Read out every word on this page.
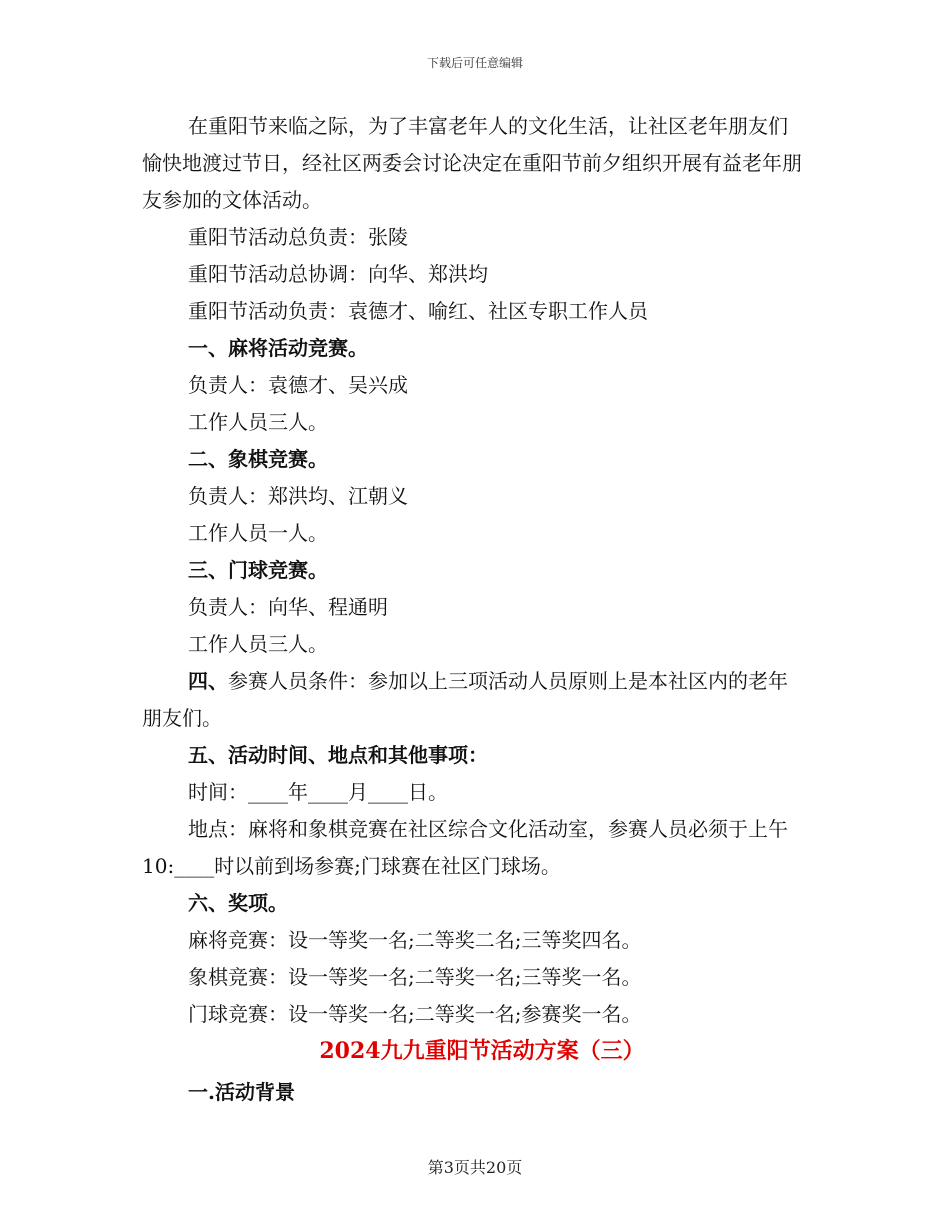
下载后可任意编辑

在重阳节来临之际，为了丰富老年人的文化生活，让社区老年朋友们愉快地渡过节日，经社区两委会讨论决定在重阳节前夕组织开展有益老年朋友参加的文体活动。

重阳节活动总负责：张陵

重阳节活动总协调：向华、郑洪均

重阳节活动负责：袁德才、喻红、社区专职工作人员

一、麻将活动竞赛。

负责人：袁德才、吴兴成

工作人员三人。

二、象棋竞赛。

负责人：郑洪均、江朝义

工作人员一人。

三、门球竞赛。

负责人：向华、程通明

工作人员三人。

四、参赛人员条件：参加以上三项活动人员原则上是本社区内的老年朋友们。

五、活动时间、地点和其他事项：

时间：____年____月____日。

地点：麻将和象棋竞赛在社区综合文化活动室，参赛人员必须于上午10:____时以前到场参赛;门球赛在社区门球场。

六、奖项。

麻将竞赛：设一等奖一名;二等奖二名;三等奖四名。

象棋竞赛：设一等奖一名;二等奖一名;三等奖一名。

门球竞赛：设一等奖一名;二等奖一名;参赛奖一名。

2024九九重阳节活动方案（三）

一.活动背景

第3页共20页
